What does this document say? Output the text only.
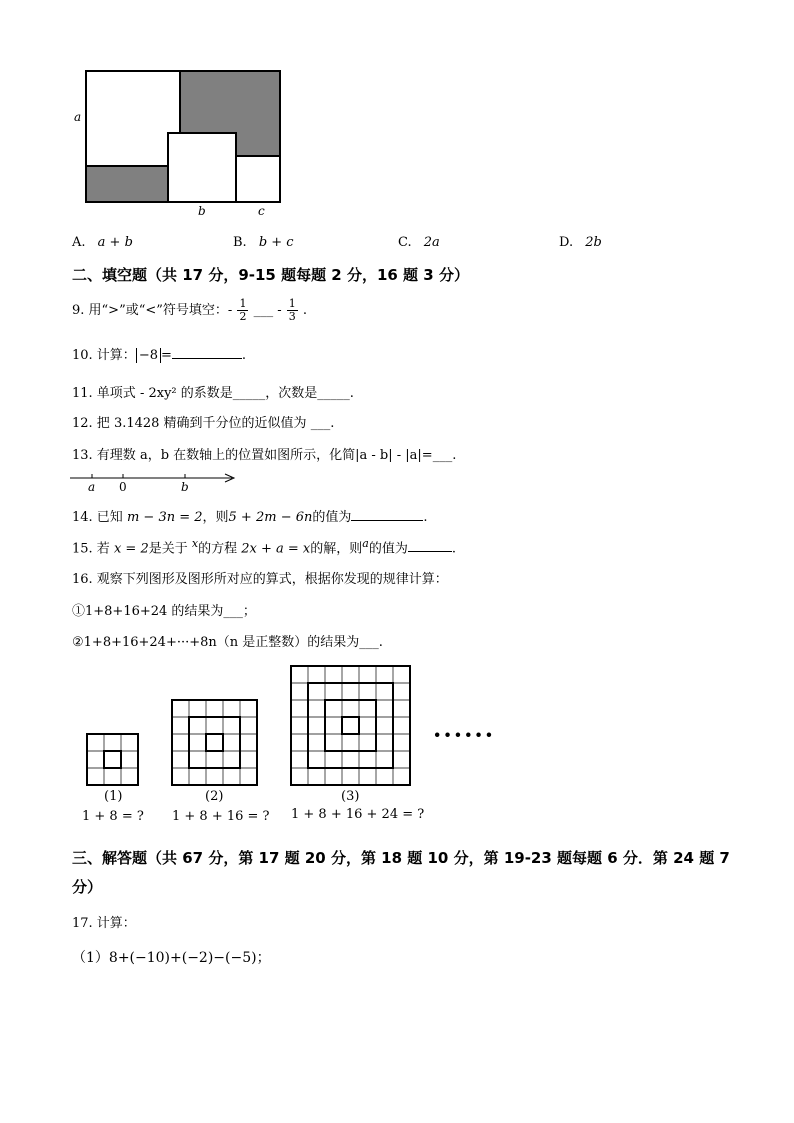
a
b	c
A. a + b	B. b + c	C. 2a	D. 2b
二、填空题（共 17 分，9-15 题每题 2 分，16 题 3 分）
9. 用“>”或“<”符号填空：- $\frac{1}{2}$ ___ - $\frac{1}{3}$ .
10. 计算： −8 =	.
11. 单项式 - 2xy² 的系数是_____，次数是_____.
12. 把 3.1428 精确到千分位的近似值为 ___.
13. 有理数 a，b 在数轴上的位置如图所示，化简|a - b| - |a|=___.
a 0	b
14. 已知 m − 3n = 2，则5 + 2m − 6n的值为	.
15. 若 x = 2是关于 $^x$的方程 2x + a = x的解，则$^a$的值为	.
16. 观察下列图形及图形所对应的算式，根据你发现的规律计算：
①1+8+16+24 的结果为___；
②1+8+16+24+···+8n（n 是正整数）的结果为___.
······
(1)	(2)	(3)
1 + 8 = ? 1 + 8 + 16 = ? 1 + 8 + 16 + 24 = ?
三、解答题（共 67 分，第 17 题 20 分，第 18 题 10 分，第 19-23 题每题 6 分．第 24 题 7
分）
17. 计算：
（1）8+(−10)+(−2)−(−5)；
